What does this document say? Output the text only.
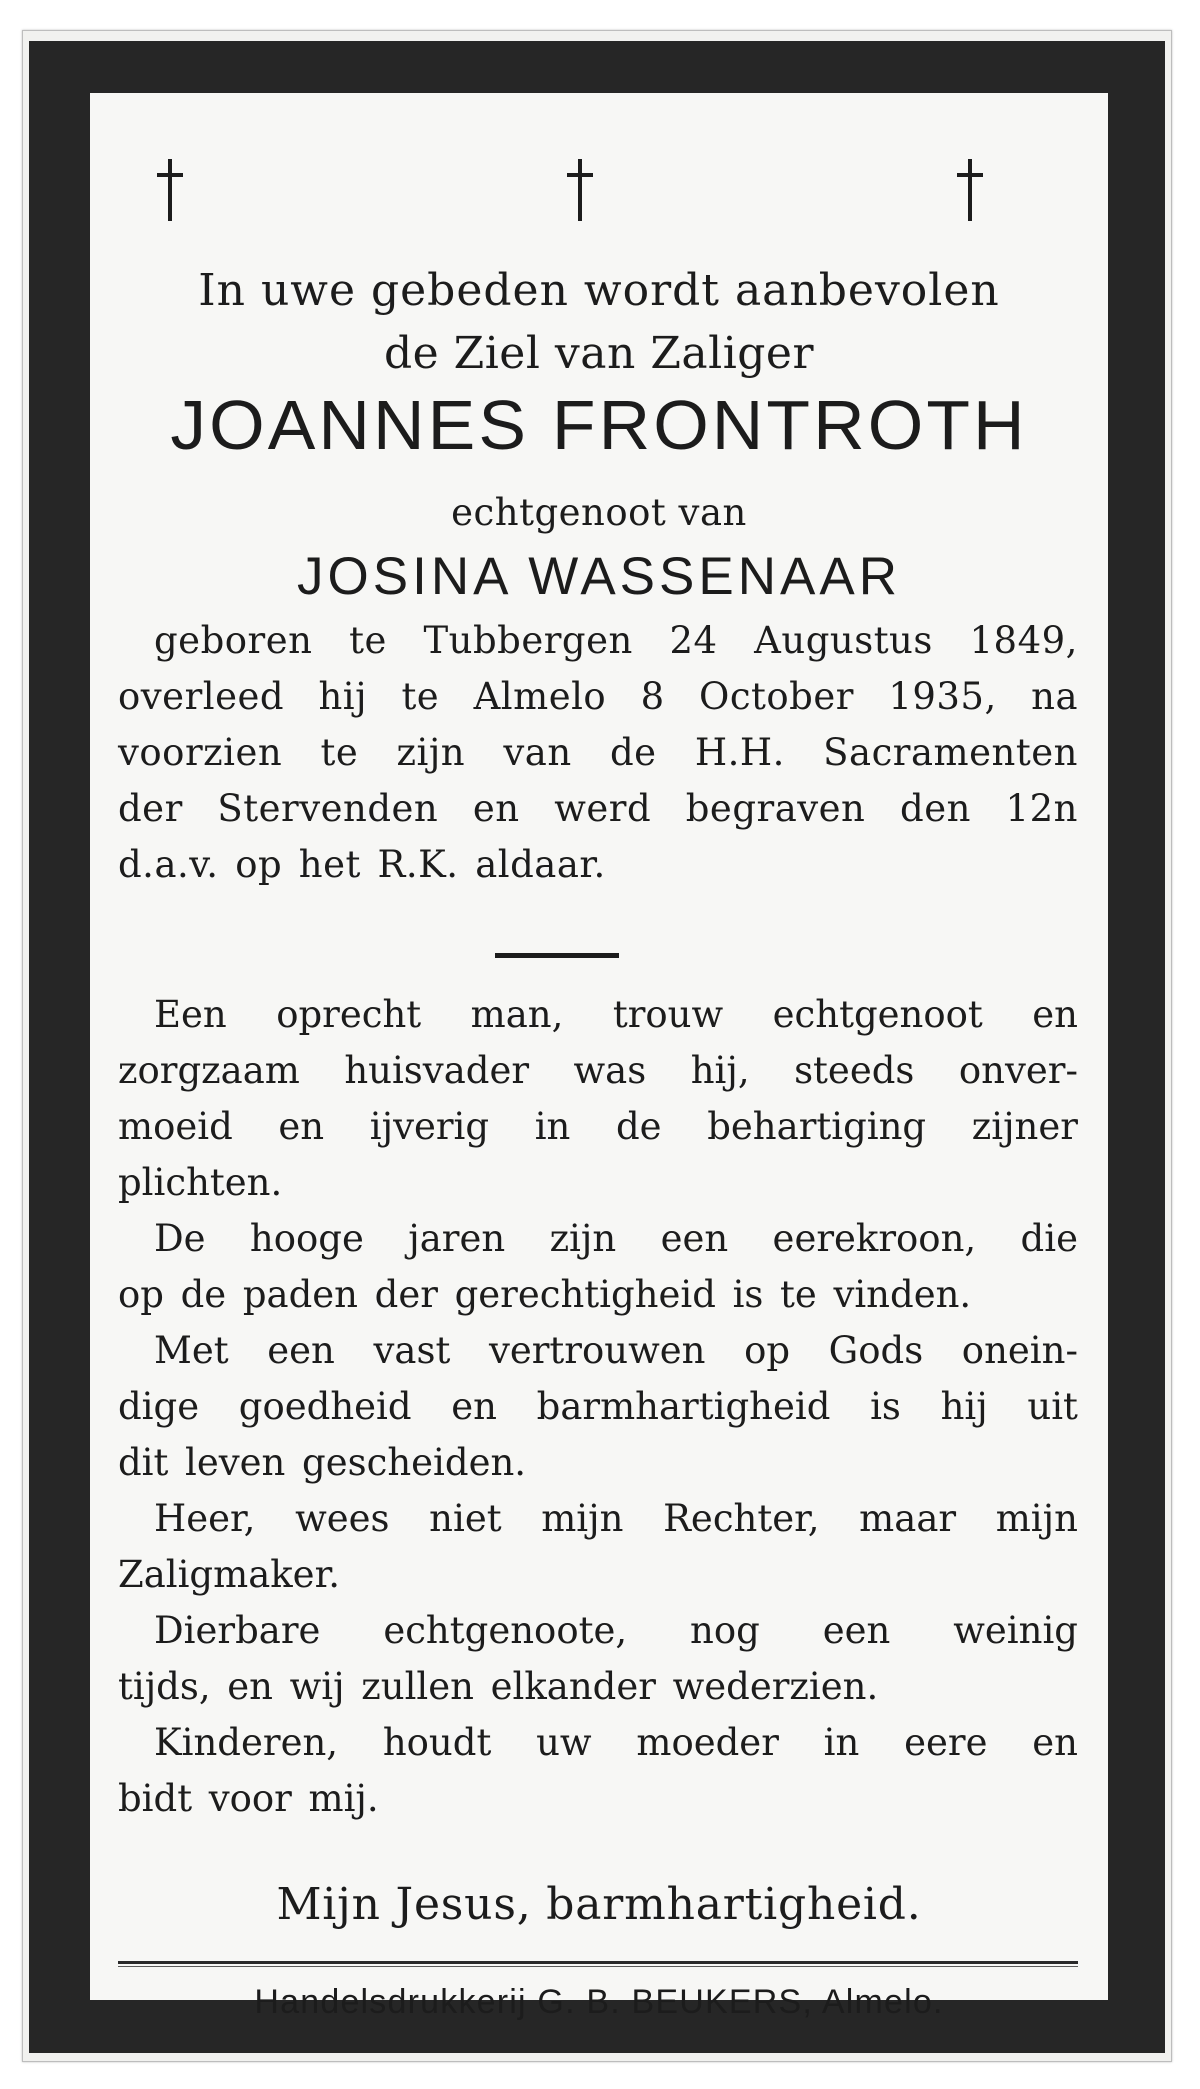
In uwe gebeden wordt aanbevolen
de Ziel van Zaliger
JOANNES FRONTROTH
echtgenoot van
JOSINA WASSENAAR
geboren te Tubbergen 24 Augustus 1849,
overleed hij te Almelo 8 October 1935, na
voorzien te zijn van de H.H. Sacramenten
der Stervenden en werd begraven den 12n
d.a.v. op het R.K. aldaar.
Een oprecht man, trouw echtgenoot en
zorgzaam huisvader was hij, steeds onver-
moeid en ijverig in de behartiging zijner
plichten.
De hooge jaren zijn een eerekroon, die
op de paden der gerechtigheid is te vinden.
Met een vast vertrouwen op Gods onein-
dige goedheid en barmhartigheid is hij uit
dit leven gescheiden.
Heer, wees niet mijn Rechter, maar mijn
Zaligmaker.
Dierbare echtgenoote, nog een weinig
tijds, en wij zullen elkander wederzien.
Kinderen, houdt uw moeder in eere en
bidt voor mij.
Mijn Jesus, barmhartigheid.
Handelsdrukkerij G. B. BEUKERS, Almelo.
